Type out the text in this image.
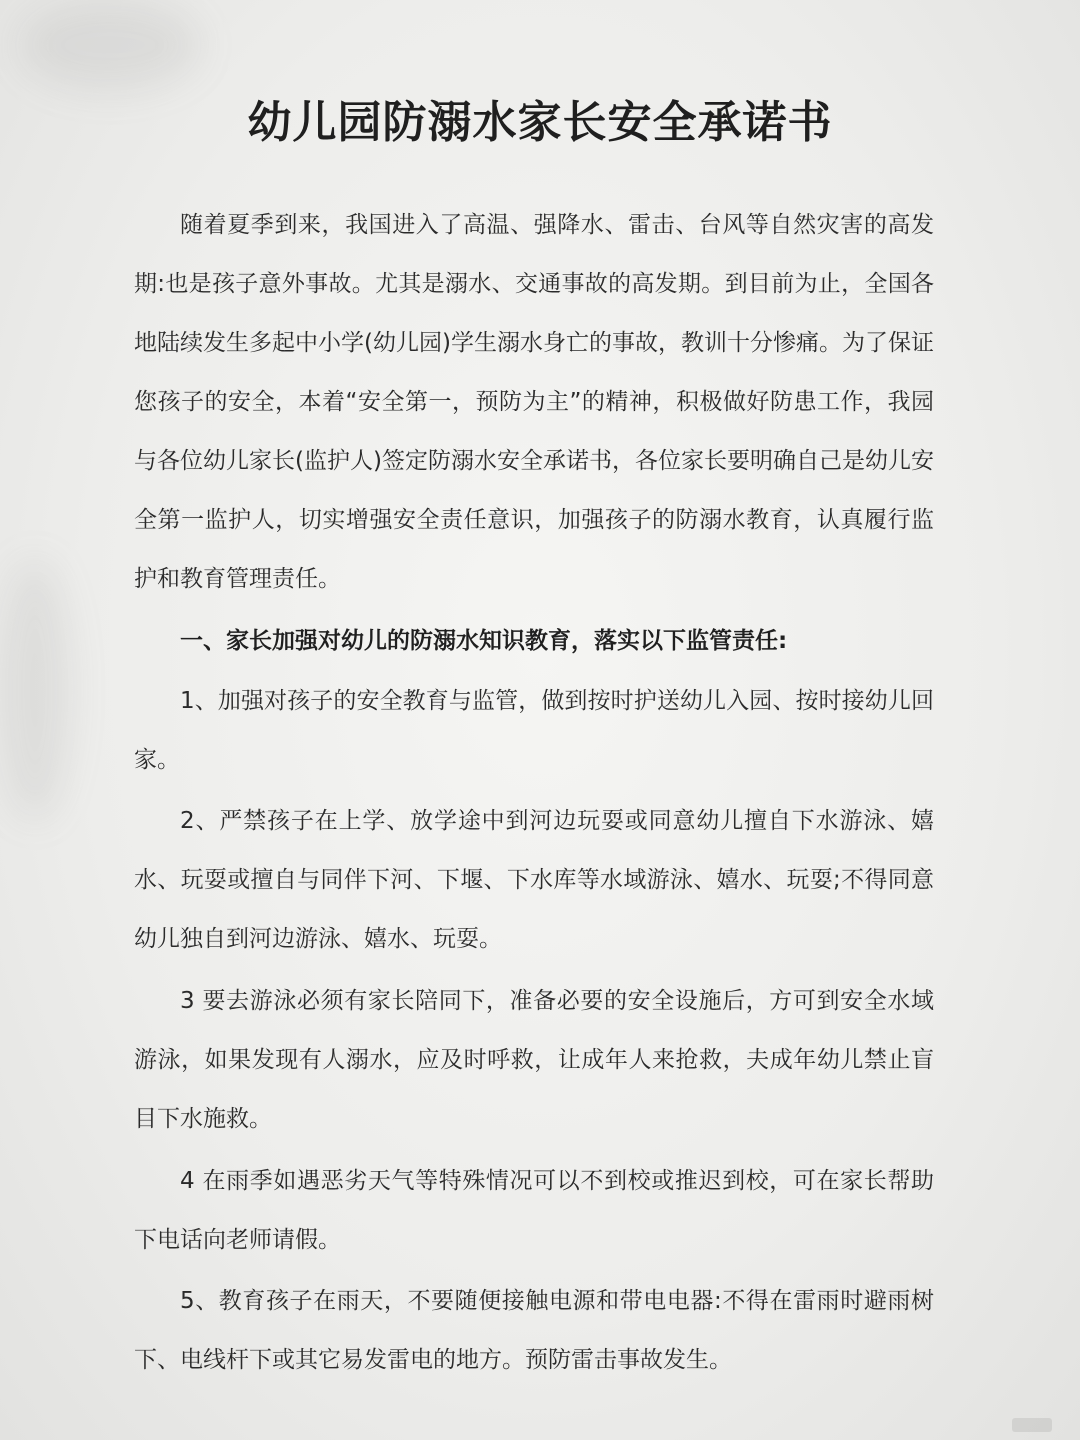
幼儿园防溺水家长安全承诺书

随着夏季到来，我国进入了高温、强降水、雷击、台风等自然灾害的高发期:也是孩子意外事故。尤其是溺水、交通事故的高发期。到目前为止，全国各地陆续发生多起中小学(幼儿园)学生溺水身亡的事故，教训十分惨痛。为了保证您孩子的安全，本着“安全第一，预防为主”的精神，积极做好防患工作，我园与各位幼儿家长(监护人)签定防溺水安全承诺书，各位家长要明确自己是幼儿安全第一监护人，切实增强安全责任意识，加强孩子的防溺水教育，认真履行监护和教育管理责任。

一、家长加强对幼儿的防溺水知识教育，落实以下监管责任:

1、加强对孩子的安全教育与监管，做到按时护送幼儿入园、按时接幼儿回家。

2、严禁孩子在上学、放学途中到河边玩耍或同意幼儿擅自下水游泳、嬉水、玩耍或擅自与同伴下河、下堰、下水库等水域游泳、嬉水、玩耍;不得同意幼儿独自到河边游泳、嬉水、玩耍。

3 要去游泳必须有家长陪同下，准备必要的安全设施后，方可到安全水域游泳，如果发现有人溺水，应及时呼救，让成年人来抢救，夫成年幼儿禁止盲目下水施救。

4 在雨季如遇恶劣天气等特殊情况可以不到校或推迟到校，可在家长帮助下电话向老师请假。

5、教育孩子在雨天，不要随便接触电源和带电电器:不得在雷雨时避雨树下、电线杆下或其它易发雷电的地方。预防雷击事故发生。
